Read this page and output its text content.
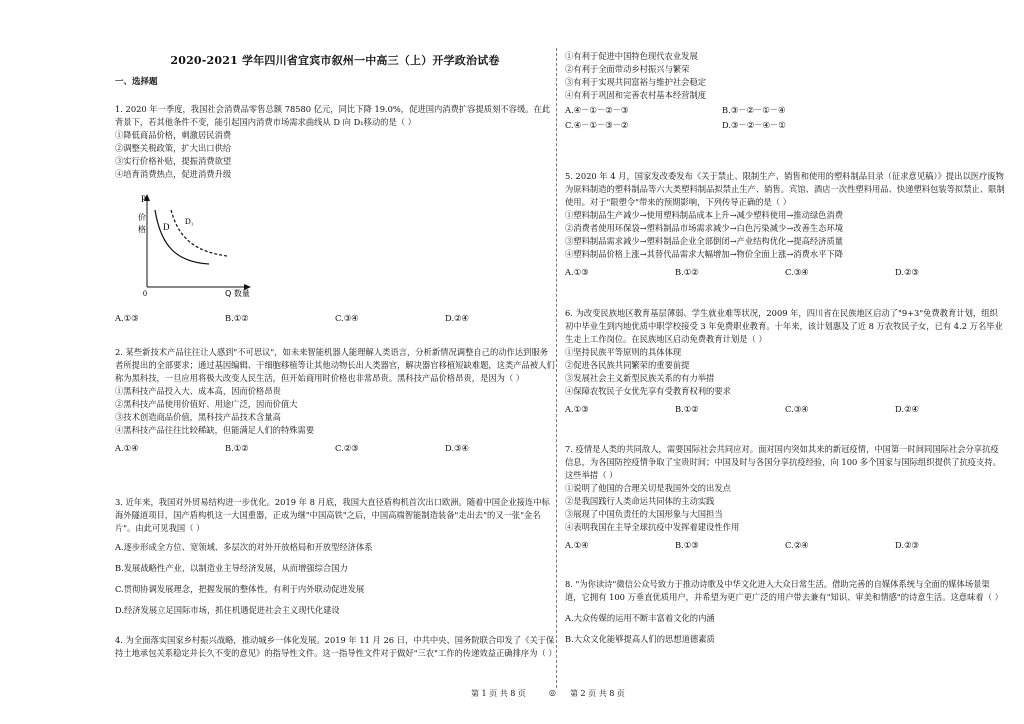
2020-2021 学年四川省宜宾市叙州一中高三（上）开学政治试卷
一、选择题

1. 2020 年一季度，我国社会消费品零售总额 78580 亿元，同比下降 19.0%，促进国内消费扩容提质刻不容缓。在此背景下，若其他条件不变，能引起国内消费市场需求曲线从 D 向 D₁移动的是（ ）

①降低商品价格，刺激居民消费

②调整关税政策，扩大出口供给

③实行价格补贴，提振消费欲望

④培育消费热点，促进消费升级

P
价
格
0	Q 数量
D
D₁
A.①③	B.①②	C.③④	D.②④

2. 某些新技术产品往往让人感到"不可思议"，如未来智能机器人能理解人类语言，分析新情况调整自己的动作达到服务者所提出的全部要求；通过基因编辑、干细胞移植等让其他动物长出人类器官，解决器官移植短缺难题，这类产品被人们称为黑科技，一旦应用将极大改变人民生活，但开始商用时价格也非常昂贵。黑科技产品价格昂贵，是因为（ ）

①黑科技产品投入大、成本高，因而价格昂贵

②黑科技产品使用价值好、用途广泛，因而价值大

③技术创造商品价值，黑科技产品技术含量高

④黑科技产品往往比较稀缺，但能满足人们的特殊需要

A.①④	B.①②	C.②③	D.③④

3. 近年来，我国对外贸易结构进一步优化。2019 年 8 月底，我国大直径盾构机首次出口欧洲。随着中国企业接连中标海外隧道项目，国产盾构机这一大国重器，正成为继"中国高铁"之后，中国高端智能制造装备"走出去"的又一张"金名片"。由此可见我国（ ）

A.逐步形成全方位、宽领域、多层次的对外开放格局和开放型经济体系
B.发展战略性产业，以制造业主导经济发展，从而增强综合国力
C.贯彻协调发展理念，把握发展的整体性，有利于内外联动促进发展
D.经济发展立足国际市场，抓住机遇促进社会主义现代化建设

4. 为全面落实国家乡村振兴战略，推动城乡一体化发展。2019 年 11 月 26 日，中共中央、国务院联合印发了《关于保持土地承包关系稳定并长久不变的意见》的指导性文件。这一指导性文件对于做好"三农"工作的传递效益正确排序为（ ）

①有利于促进中国特色现代农业发展

②有利于全面带动乡村振兴与繁荣

③有利于实现共同富裕与维护社会稳定

④有利于巩固和完善农村基本经营制度

A.④－①－②－③	B.③－②－①－④
C.④－①－③－②	D.③－②－④－①

5. 2020 年 4 月，国家发改委发布《关于禁止、限制生产、销售和使用的塑料制品目录（征求意见稿）》提出以医疗废物为原料制造的塑料制品等六大类塑料制品拟禁止生产、销售。宾馆、酒店一次性塑料用品、快递塑料包装等拟禁止、限制使用。对于"限塑令"带来的预期影响，下列传导正确的是（ ）

①塑料制品生产减少→使用塑料制品成本上升→减少塑料使用→推动绿色消费

②消费者使用环保袋→塑料制品市场需求减少→白色污染减少→改善生态环境

③塑料制品需求减少→塑料制品企业全部倒闭→产业结构优化→提高经济质量

④塑料制品价格上涨→其替代品需求大幅增加→物价全面上涨→消费水平下降

A.①③	B.①②	C.③④	D.②③

6. 为改变民族地区教育基层薄弱、学生就业难等状况，2009 年，四川省在民族地区启动了"9+3"免费教育计划，组织初中毕业生到内地优质中职学校接受 3 年免费职业教育。十年来，该计划惠及了近 8 万农牧民子女，已有 4.2 万名毕业生走上工作岗位。在民族地区启动免费教育计划是（ ）

①坚持民族平等原则的具体体现

②促进各民族共同繁荣的重要前提

③发展社会主义新型民族关系的有力举措

④保障农牧民子女优先享有受教育权利的要求

A.①③	B.①②	C.③④	D.②④

7. 疫情是人类的共同敌人，需要国际社会共同应对。面对国内突如其来的新冠疫情，中国第一时间同国际社会分享抗疫信息，为各国防控疫情争取了宝贵时间；中国及时与各国分享抗疫经验，向 100 多个国家与国际组织提供了抗疫支持。这些举措（ ）

①说明了他国的合理关切是我国外交的出发点

②是我国践行人类命运共同体的主动实践

③展现了中国负责任的大国形象与大国担当

④表明我国在主导全球抗疫中发挥着建设性作用

A.①④	B.①③	C.②④	D.②③

8. "为你读诗"微信公众号致力于推动诗歌及中华文化进入大众日常生活。借助完善的自媒体系统与全面的媒体场景渠道，它拥有 100 万垂直优质用户，并希望为更广更广泛的用户带去兼有"知识、审美和情感"的诗意生活。这意味着（ ）

A.大众传媒的运用不断丰富着文化的内涵
B.大众文化能够提高人们的思想道德素质
第 1 页 共 8 页	◎ 第 2 页 共 8 页
